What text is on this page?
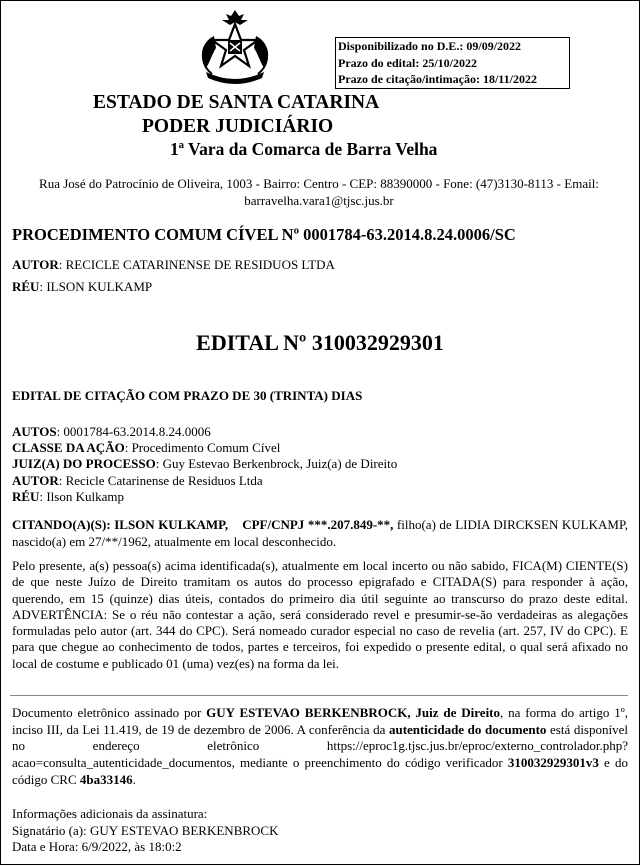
Disponibilizado no D.E.: 09/09/2022
Prazo do edital: 25/10/2022
Prazo de citação/intimação: 18/11/2022
ESTADO DE SANTA CATARINA
PODER JUDICIÁRIO
1ª Vara da Comarca de Barra Velha
Rua José do Patrocínio de Oliveira, 1003 - Bairro: Centro - CEP: 88390000 - Fone: (47)3130-8113 - Email:
barravelha.vara1@tjsc.jus.br
PROCEDIMENTO COMUM CÍVEL Nº 0001784-63.2014.8.24.0006/SC
AUTOR: RECICLE CATARINENSE DE RESIDUOS LTDA
RÉU: ILSON KULKAMP
EDITAL Nº 310032929301
EDITAL DE CITAÇÃO COM PRAZO DE 30 (TRINTA) DIAS
AUTOS: 0001784-63.2014.8.24.0006
CLASSE DA AÇÃO: Procedimento Comum Cível
JUIZ(A) DO PROCESSO: Guy Estevao Berkenbrock, Juiz(a) de Direito
AUTOR: Recicle Catarinense de Residuos Ltda
RÉU: Ilson Kulkamp
CITANDO(A)(S): ILSON KULKAMP, CPF/CNPJ ***.207.849-**, filho(a) de LIDIA DIRCKSEN KULKAMP, nascido(a) em 27/**/1962, atualmente em local desconhecido.
Pelo presente, a(s) pessoa(s) acima identificada(s), atualmente em local incerto ou não sabido, FICA(M) CIENTE(S) de que neste Juízo de Direito tramitam os autos do processo epigrafado e CITADA(S) para responder à ação, querendo, em 15 (quinze) dias úteis, contados do primeiro dia útil seguinte ao transcurso do prazo deste edital. ADVERTÊNCIA: Se o réu não contestar a ação, será considerado revel e presumir-se-ão verdadeiras as alegações formuladas pelo autor (art. 344 do CPC). Será nomeado curador especial no caso de revelia (art. 257, IV do CPC). E para que chegue ao conhecimento de todos, partes e terceiros, foi expedido o presente edital, o qual será afixado no local de costume e publicado 01 (uma) vez(es) na forma da lei.
Documento eletrônico assinado por GUY ESTEVAO BERKENBROCK, Juiz de Direito, na forma do artigo 1º, inciso III, da Lei 11.419, de 19 de dezembro de 2006. A conferência da autenticidade do documento está disponível no endereço eletrônico https://eproc1g.tjsc.jus.br/eproc/externo_controlador.php?acao=consulta_autenticidade_documentos, mediante o preenchimento do código verificador 310032929301v3 e do código CRC 4ba33146.
Informações adicionais da assinatura:
Signatário (a): GUY ESTEVAO BERKENBROCK
Data e Hora: 6/9/2022, às 18:0:2
